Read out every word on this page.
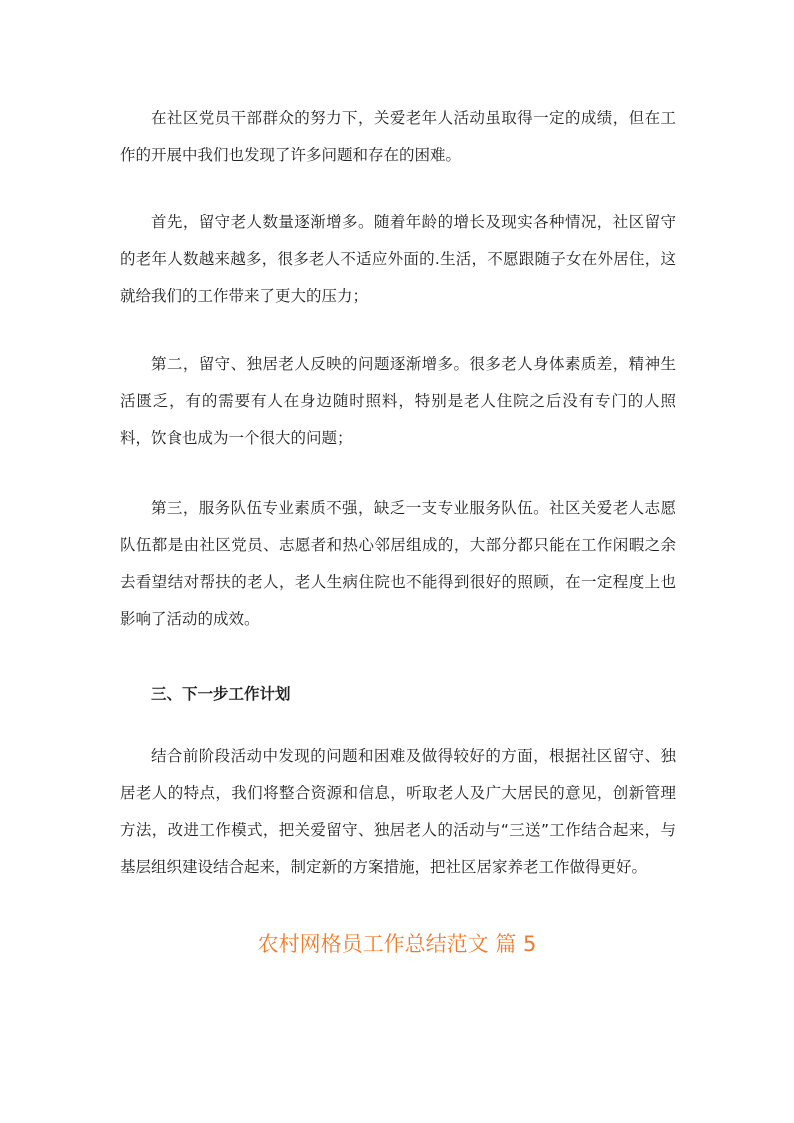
在社区党员干部群众的努力下，关爱老年人活动虽取得一定的成绩，但在工作的开展中我们也发现了许多问题和存在的困难。

首先，留守老人数量逐渐增多。随着年龄的增长及现实各种情况，社区留守的老年人数越来越多，很多老人不适应外面的.生活，不愿跟随子女在外居住，这就给我们的工作带来了更大的压力；

第二，留守、独居老人反映的问题逐渐增多。很多老人身体素质差，精神生活匮乏，有的需要有人在身边随时照料，特别是老人住院之后没有专门的人照料，饮食也成为一个很大的问题；

第三，服务队伍专业素质不强，缺乏一支专业服务队伍。社区关爱老人志愿队伍都是由社区党员、志愿者和热心邻居组成的，大部分都只能在工作闲暇之余去看望结对帮扶的老人，老人生病住院也不能得到很好的照顾，在一定程度上也影响了活动的成效。

三、下一步工作计划

结合前阶段活动中发现的问题和困难及做得较好的方面，根据社区留守、独居老人的特点，我们将整合资源和信息，听取老人及广大居民的意见，创新管理方法，改进工作模式，把关爱留守、独居老人的活动与“三送”工作结合起来，与基层组织建设结合起来，制定新的方案措施，把社区居家养老工作做得更好。

农村网格员工作总结范文 篇 5
